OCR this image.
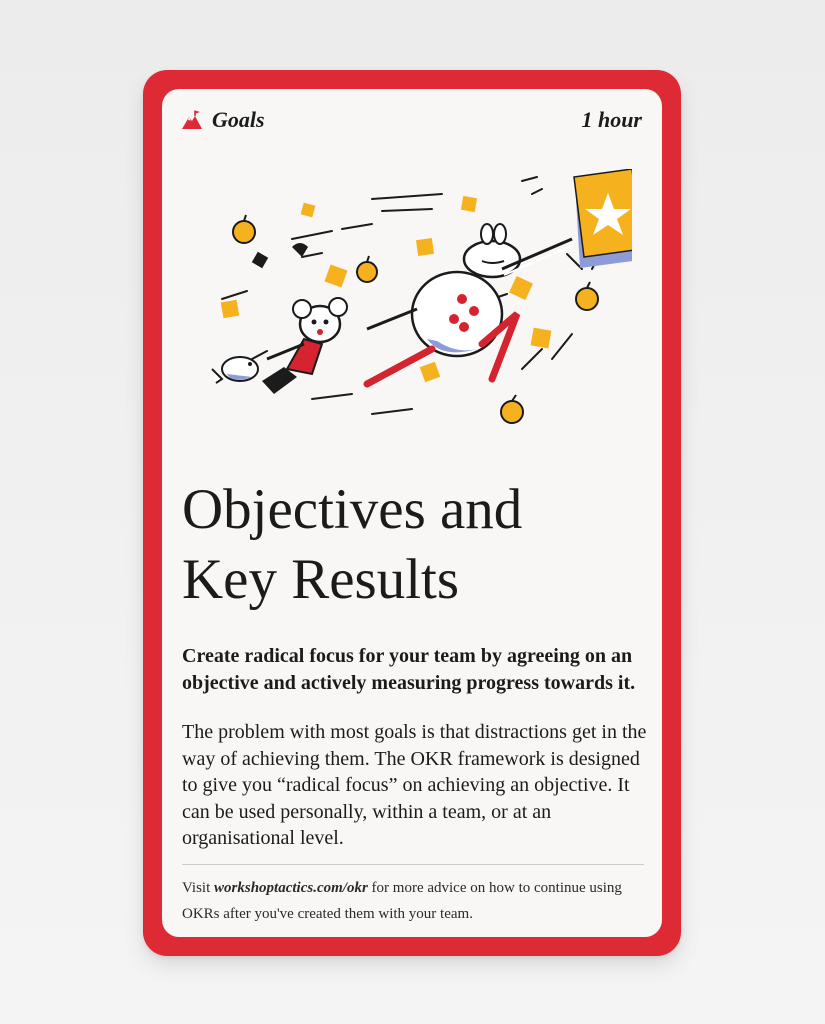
Goals	1 hour
Objectives and
Key Results

Create radical focus for your team by agreeing on an objective and actively measuring progress towards it.

The problem with most goals is that distractions get in the way of achieving them. The OKR framework is designed to give you “radical focus” on achieving an objective. It can be used personally, within a team, or at an organisational level.

Visit workshoptactics.com/okr for more advice on how to continue using OKRs after you've created them with your team.
